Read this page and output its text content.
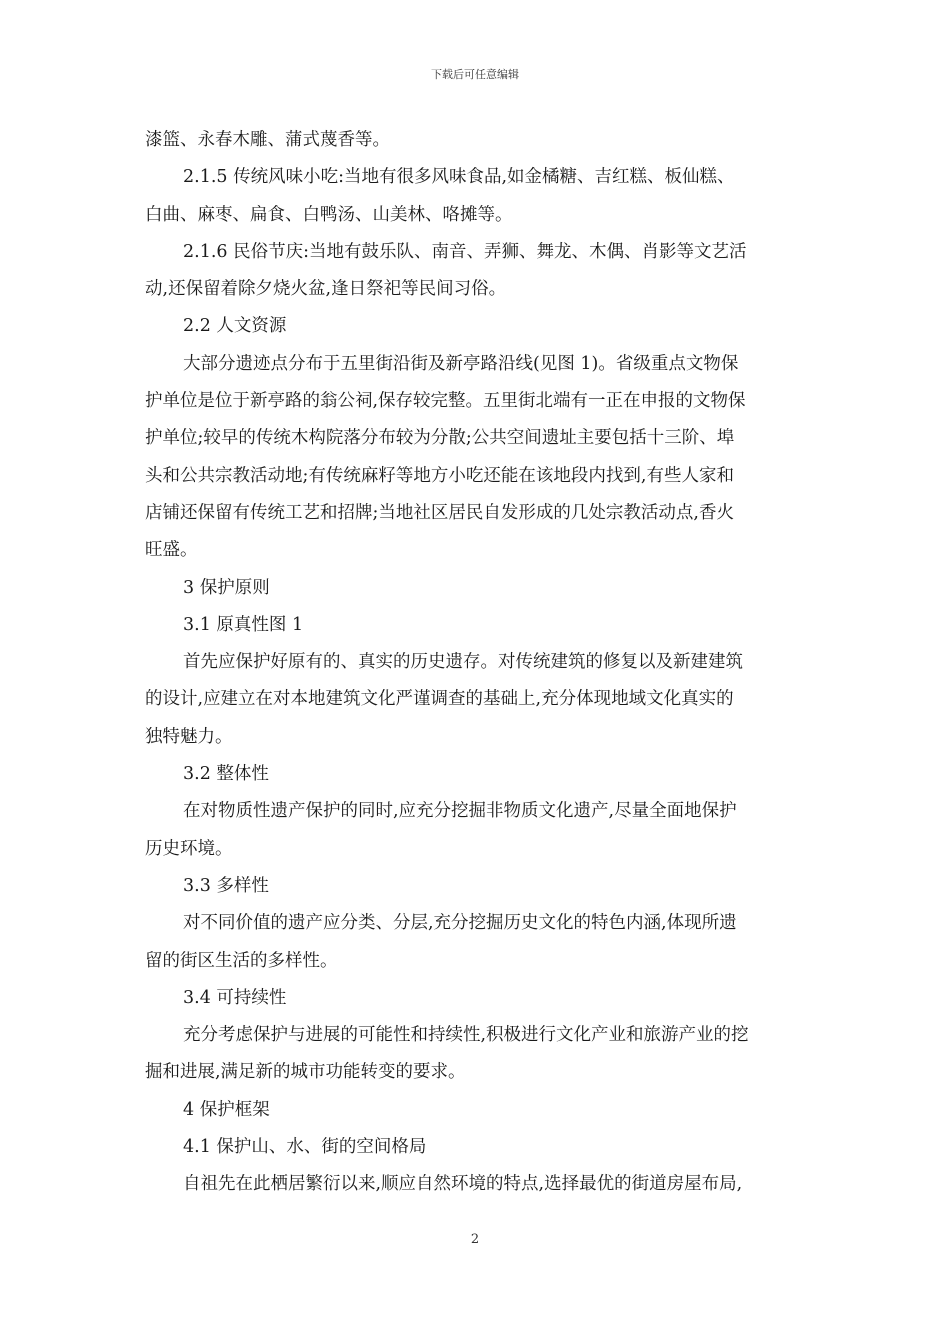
下载后可任意编辑
漆篮、永春木雕、蒲式蔑香等。
2.1.5 传统风味小吃:当地有很多风味食品,如金橘糖、吉红糕、板仙糕、
白曲、麻枣、扁食、白鸭汤、山美林、咯摊等。
2.1.6 民俗节庆:当地有鼓乐队、南音、弄狮、舞龙、木偶、肖影等文艺活
动,还保留着除夕烧火盆,逢日祭祀等民间习俗。
2.2 人文资源
大部分遗迹点分布于五里街沿街及新亭路沿线(见图 1)。省级重点文物保
护单位是位于新亭路的翁公祠,保存较完整。五里街北端有一正在申报的文物保
护单位;较早的传统木构院落分布较为分散;公共空间遗址主要包括十三阶、埠
头和公共宗教活动地;有传统麻籽等地方小吃还能在该地段内找到,有些人家和
店铺还保留有传统工艺和招牌;当地社区居民自发形成的几处宗教活动点,香火
旺盛。
3 保护原则
3.1 原真性图 1
首先应保护好原有的、真实的历史遗存。对传统建筑的修复以及新建建筑
的设计,应建立在对本地建筑文化严谨调查的基础上,充分体现地域文化真实的
独特魅力。
3.2 整体性
在对物质性遗产保护的同时,应充分挖掘非物质文化遗产,尽量全面地保护
历史环境。
3.3 多样性
对不同价值的遗产应分类、分层,充分挖掘历史文化的特色内涵,体现所遗
留的街区生活的多样性。
3.4 可持续性
充分考虑保护与进展的可能性和持续性,积极进行文化产业和旅游产业的挖
掘和进展,满足新的城市功能转变的要求。
4 保护框架
4.1 保护山、水、街的空间格局
自祖先在此栖居繁衍以来,顺应自然环境的特点,选择最优的街道房屋布局,
2
